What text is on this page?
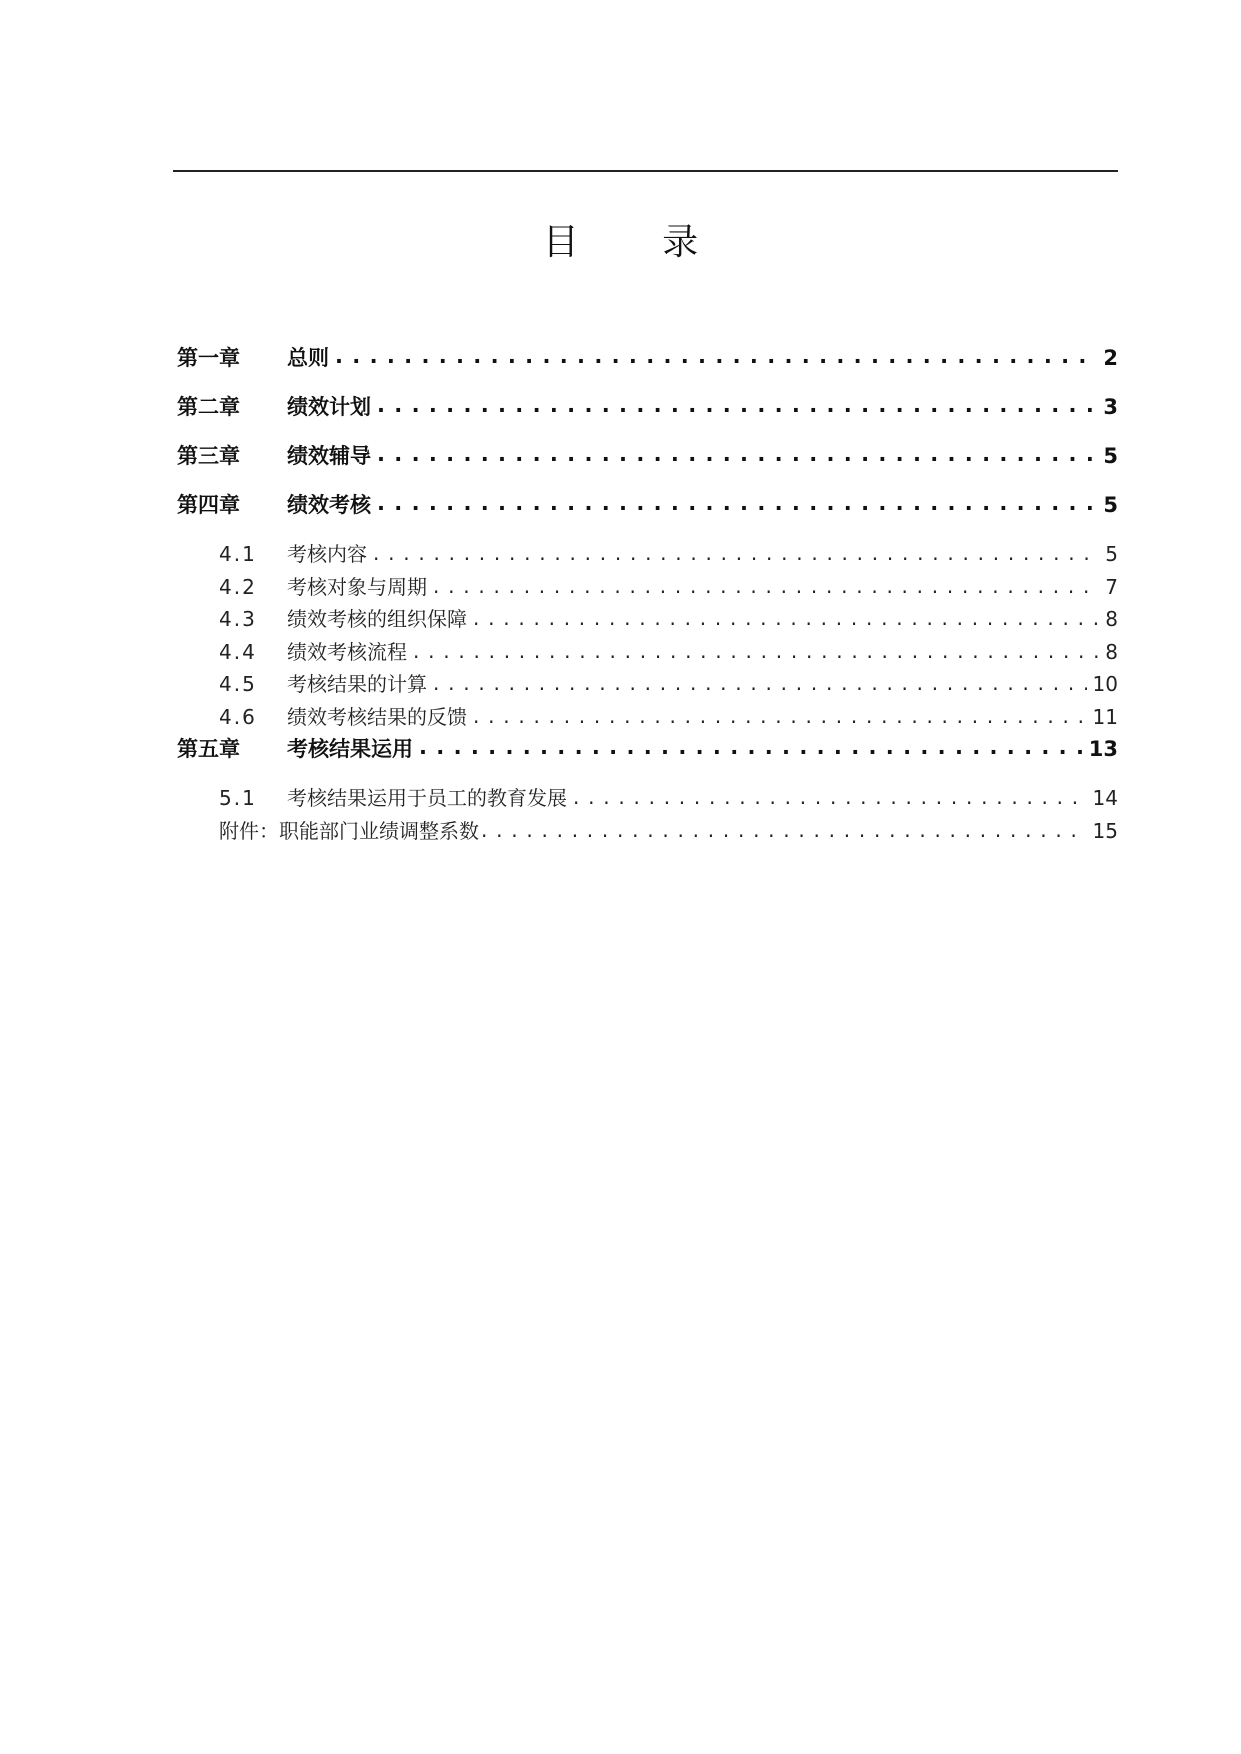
目 录
第一章	总则 . . .	2
第二章	绩效计划 . . .	3
第三章	绩效辅导 . . .	5
第四章	绩效考核 . . .	5
4.1	考核内容 . . .	5
4.2	考核对象与周期 . . .	7
4.3	绩效考核的组织保障 . . .	8
4.4	绩效考核流程 . . .	8
4.5	考核结果的计算 . . .	10
4.6	绩效考核结果的反馈 . . .	11
第五章	考核结果运用 . . .	13
5.1	考核结果运用于员工的教育发展 . . .	14
附件：职能部门业绩调整系数 . . .	15
